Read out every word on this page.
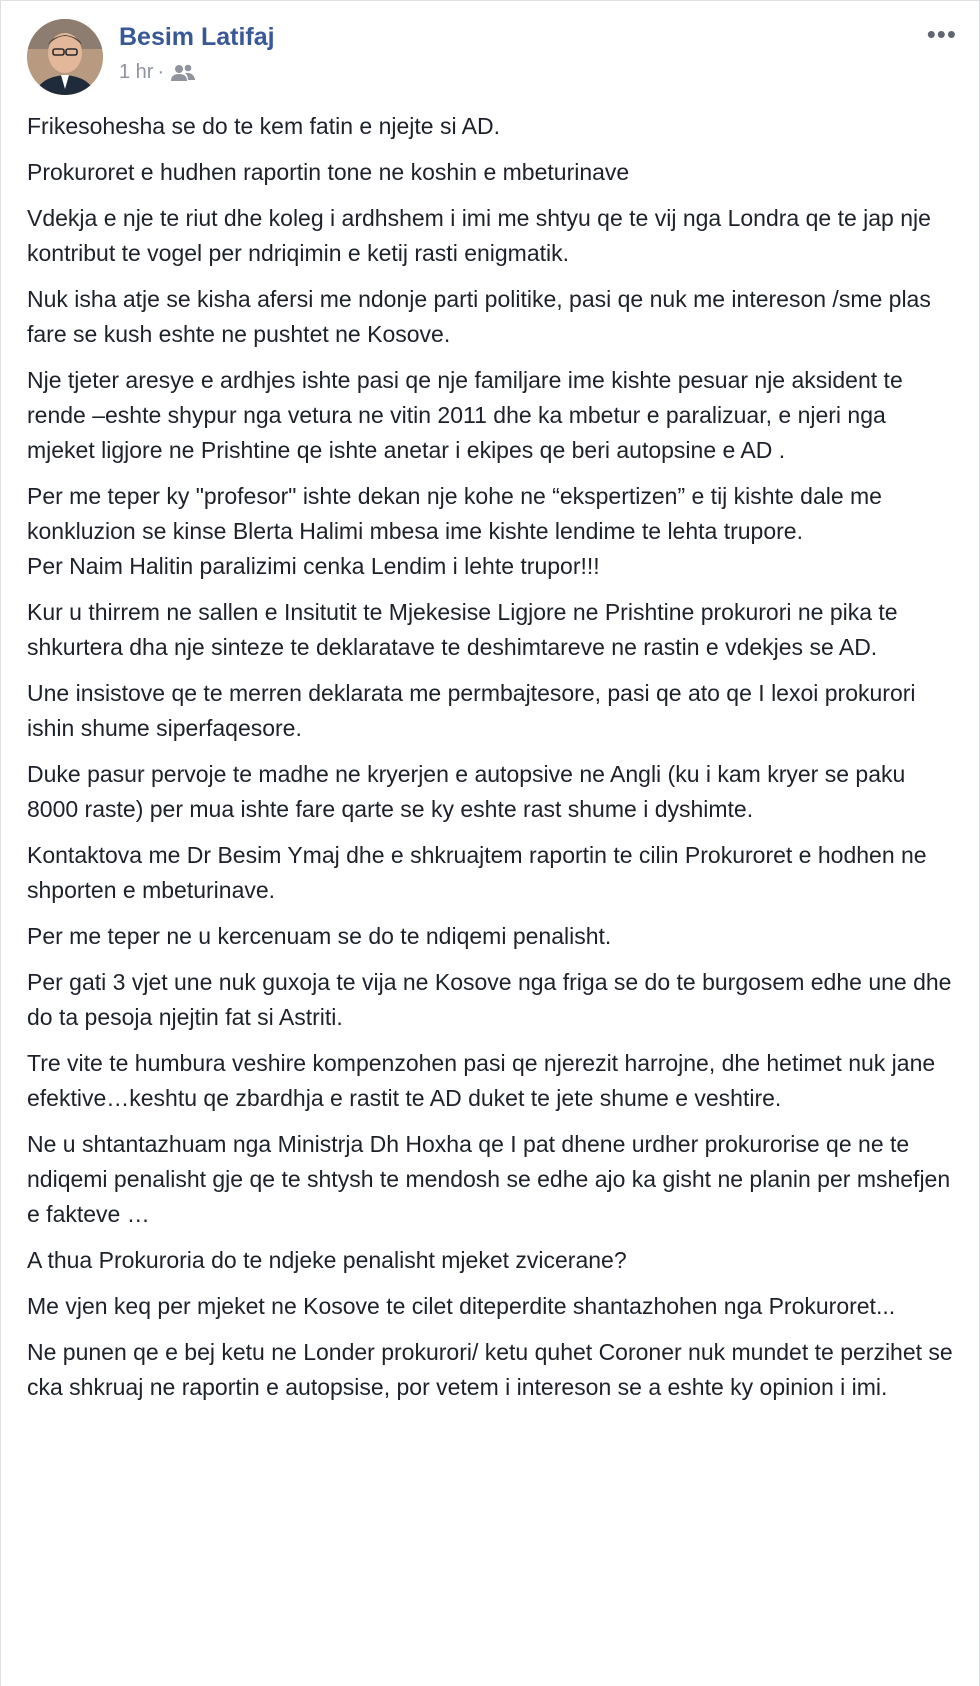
Besim Latifaj
1 hr ·
•••

Frikesohesha se do te kem fatin e njejte si AD.

Prokuroret e hudhen raportin tone ne koshin e mbeturinave

Vdekja e nje te riut dhe koleg i ardhshem i imi me shtyu qe te vij nga Londra qe te jap nje kontribut te vogel per ndriqimin e ketij rasti enigmatik.

Nuk isha atje se kisha afersi me ndonje parti politike, pasi qe nuk me intereson /sme plas fare se kush eshte ne pushtet ne Kosove.

Nje tjeter aresye e ardhjes ishte pasi qe nje familjare ime kishte pesuar nje aksident te rende –eshte shypur nga vetura ne vitin 2011 dhe ka mbetur e paralizuar, e njeri nga mjeket ligjore ne Prishtine qe ishte anetar i ekipes qe beri autopsine e AD .

Per me teper ky "profesor" ishte dekan nje kohe ne “ekspertizen” e tij kishte dale me konkluzion se kinse Blerta Halimi mbesa ime kishte lendime te lehta trupore.
Per Naim Halitin paralizimi cenka Lendim i lehte trupor!!!

Kur u thirrem ne sallen e Insitutit te Mjekesise Ligjore ne Prishtine prokurori ne pika te shkurtera dha nje sinteze te deklaratave te deshimtareve ne rastin e vdekjes se AD.

Une insistove qe te merren deklarata me permbajtesore, pasi qe ato qe I lexoi prokurori ishin shume siperfaqesore.

Duke pasur pervoje te madhe ne kryerjen e autopsive ne Angli (ku i kam kryer se paku 8000 raste) per mua ishte fare qarte se ky eshte rast shume i dyshimte.

Kontaktova me Dr Besim Ymaj dhe e shkruajtem raportin te cilin Prokuroret e hodhen ne shporten e mbeturinave.

Per me teper ne u kercenuam se do te ndiqemi penalisht.

Per gati 3 vjet une nuk guxoja te vija ne Kosove nga friga se do te burgosem edhe une dhe do ta pesoja njejtin fat si Astriti.

Tre vite te humbura veshire kompenzohen pasi qe njerezit harrojne, dhe hetimet nuk jane efektive…keshtu qe zbardhja e rastit te AD duket te jete shume e veshtire.

Ne u shtantazhuam nga Ministrja Dh Hoxha qe I pat dhene urdher prokurorise qe ne te ndiqemi penalisht gje qe te shtysh te mendosh se edhe ajo ka gisht ne planin per mshefjen e fakteve …

A thua Prokuroria do te ndjeke penalisht mjeket zvicerane?

Me vjen keq per mjeket ne Kosove te cilet diteperdite shantazhohen nga Prokuroret...

Ne punen qe e bej ketu ne Londer prokurori/ ketu quhet Coroner nuk mundet te perzihet se cka shkruaj ne raportin e autopsise, por vetem i intereson se a eshte ky opinion i imi.
